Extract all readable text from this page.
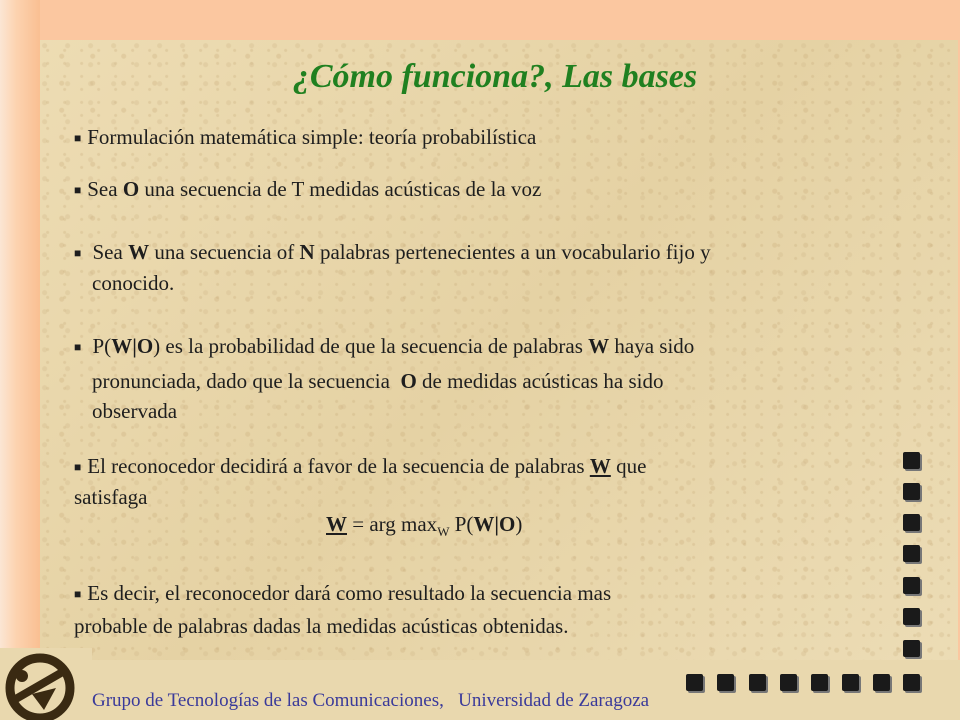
¿Cómo funciona?, Las bases
■ Formulación matemática simple: teoría probabilística
■ Sea O una secuencia de T medidas acústicas de la voz
■ Sea W una secuencia of N palabras pertenecientes a un vocabulario fijo y
conocido.
■ P(W|O) es la probabilidad de que la secuencia de palabras W haya sido
pronunciada, dado que la secuencia  O de medidas acústicas ha sido
observada
■ El reconocedor decidirá a favor de la secuencia de palabras W que
satisfaga
W = arg $\max_W P(W|O)$
■ Es decir, el reconocedor dará como resultado la secuencia mas
probable de palabras dadas la medidas acústicas obtenidas.
Grupo de Tecnologías de las Comunicaciones,   Universidad de Zaragoza
